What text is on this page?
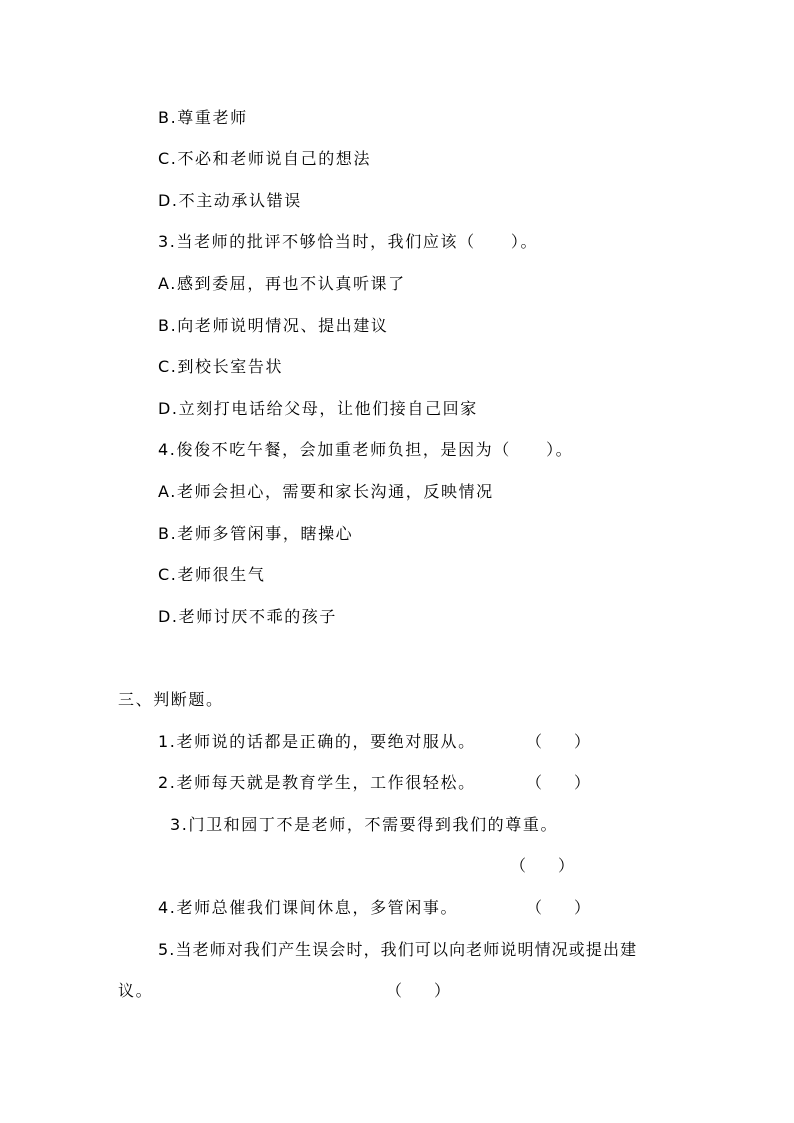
B.尊重老师
C.不必和老师说自己的想法
D.不主动承认错误
3.当老师的批评不够恰当时，我们应该（　　）。
A.感到委屈，再也不认真听课了
B.向老师说明情况、提出建议
C.到校长室告状
D.立刻打电话给父母，让他们接自己回家
4.俊俊不吃午餐，会加重老师负担，是因为（　　）。
A.老师会担心，需要和家长沟通，反映情况
B.老师多管闲事，瞎操心
C.老师很生气
D.老师讨厌不乖的孩子
三、判断题。
1.老师说的话都是正确的，要绝对服从。	（　　）
2.老师每天就是教育学生，工作很轻松。	（　　）
3.门卫和园丁不是老师，不需要得到我们的尊重。
（　　）
4.老师总催我们课间休息，多管闲事。	（　　）
5.当老师对我们产生误会时，我们可以向老师说明情况或提出建
议。	（　　）
